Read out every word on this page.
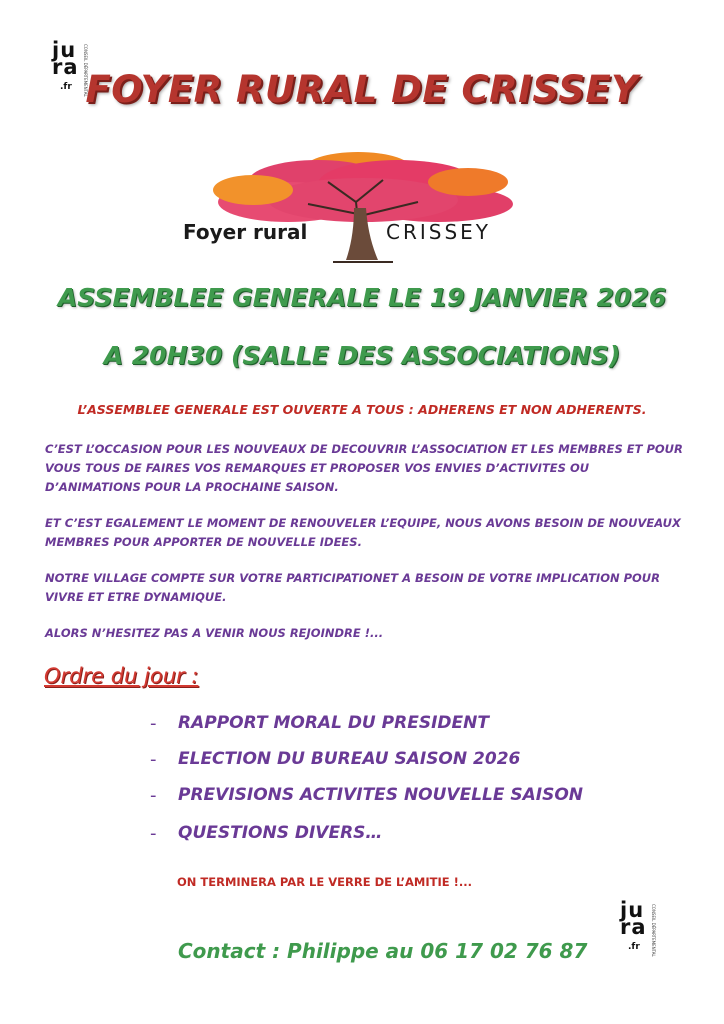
ju
ra
.fr	CONSEIL DÉPARTEMENTAL
FOYER RURAL DE CRISSEY
Foyer rural	CRISSEY
ASSEMBLEE GENERALE LE 19 JANVIER 2026
A 20H30 (SALLE DES ASSOCIATIONS)
L’ASSEMBLEE GENERALE EST OUVERTE A TOUS : ADHERENS ET NON ADHERENTS.
C’EST L’OCCASION POUR LES NOUVEAUX DE DECOUVRIR L’ASSOCIATION ET LES MEMBRES ET POUR VOUS TOUS DE FAIRES VOS REMARQUES ET PROPOSER VOS ENVIES D’ACTIVITES OU D’ANIMATIONS POUR LA PROCHAINE SAISON.
ET C’EST EGALEMENT LE MOMENT DE RENOUVELER L’EQUIPE, NOUS AVONS BESOIN DE NOUVEAUX MEMBRES POUR APPORTER DE NOUVELLE IDEES.
NOTRE VILLAGE COMPTE SUR VOTRE PARTICIPATIONET A BESOIN DE VOTRE IMPLICATION POUR VIVRE ET ETRE DYNAMIQUE.
ALORS N’HESITEZ PAS A VENIR NOUS REJOINDRE !...
Ordre du jour :
- RAPPORT MORAL DU PRESIDENT
- ELECTION DU BUREAU SAISON 2026
- PREVISIONS ACTIVITES NOUVELLE SAISON
- QUESTIONS DIVERS…
ON TERMINERA PAR LE VERRE DE L’AMITIE !...
Contact : Philippe au 06 17 02 76 87
ju
ra
.fr	CONSEIL DÉPARTEMENTAL
